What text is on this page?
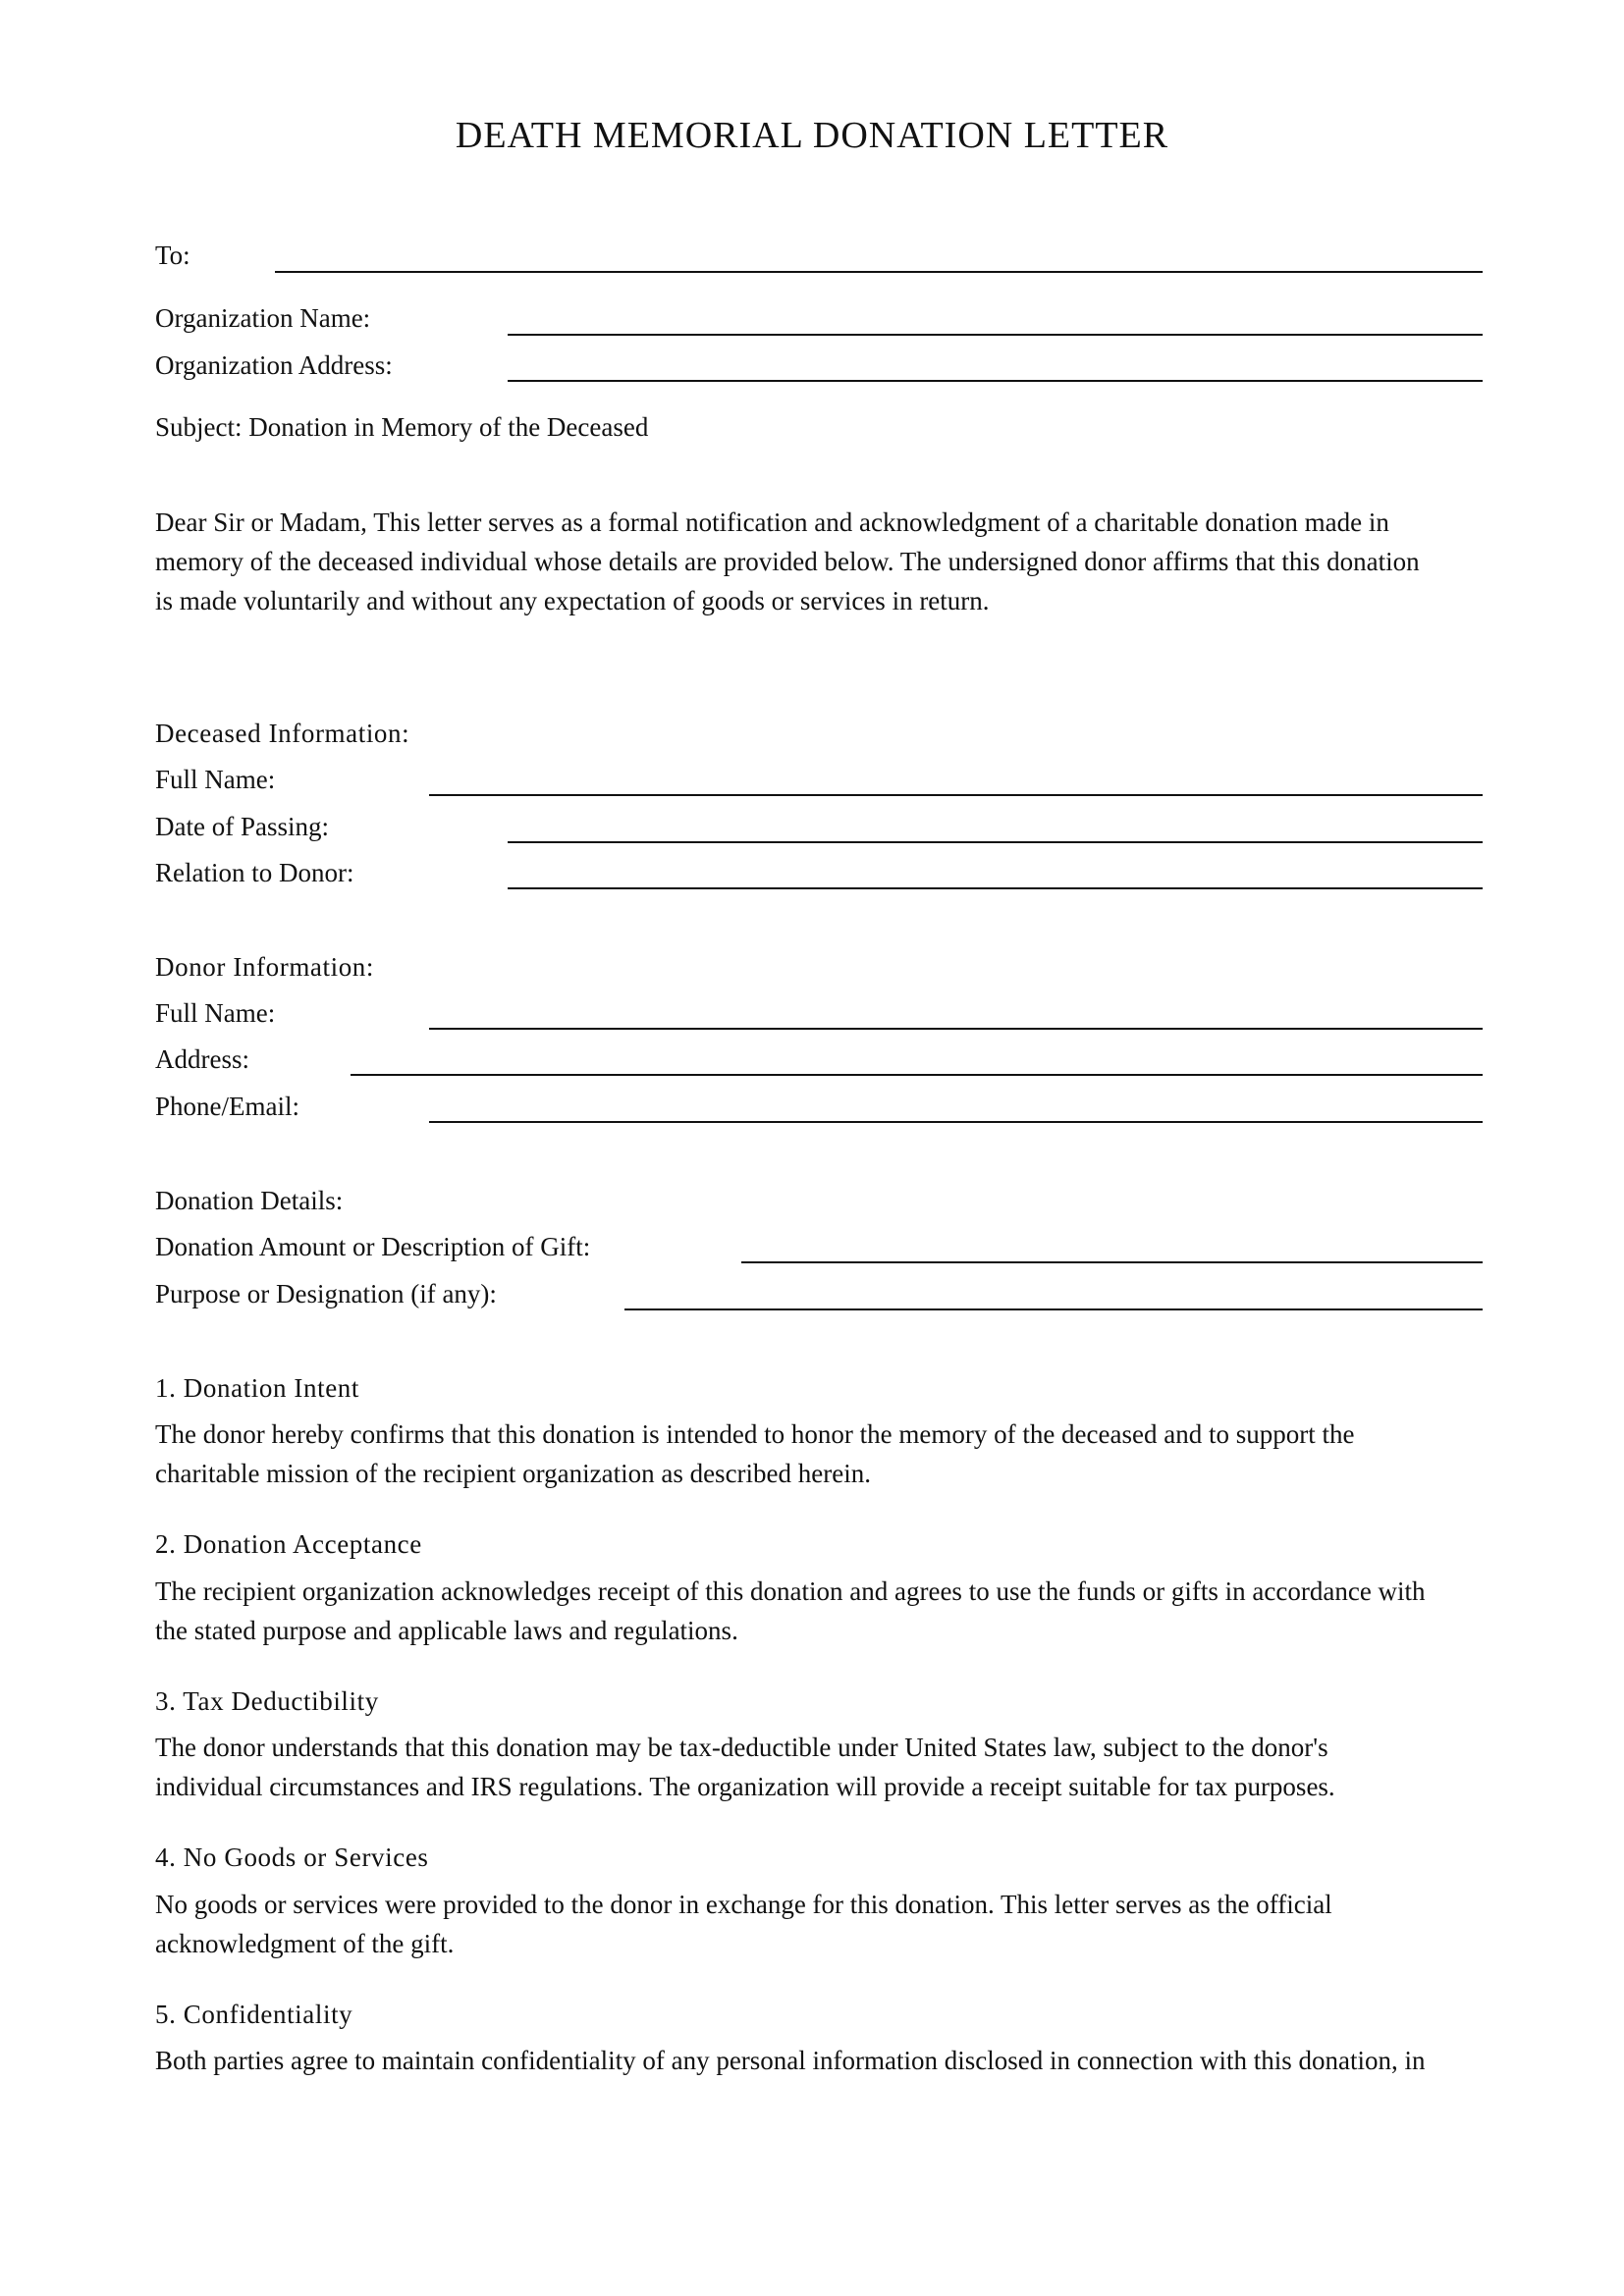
DEATH MEMORIAL DONATION LETTER
To:
Organization Name:
Organization Address:
Subject: Donation in Memory of the Deceased
Dear Sir or Madam, This letter serves as a formal notification and acknowledgment of a charitable donation made in
memory of the deceased individual whose details are provided below. The undersigned donor affirms that this donation
is made voluntarily and without any expectation of goods or services in return.
Deceased Information:
Full Name:
Date of Passing:
Relation to Donor:
Donor Information:
Full Name:
Address:
Phone/Email:
Donation Details:
Donation Amount or Description of Gift:
Purpose or Designation (if any):
1. Donation Intent
The donor hereby confirms that this donation is intended to honor the memory of the deceased and to support the
charitable mission of the recipient organization as described herein.
2. Donation Acceptance
The recipient organization acknowledges receipt of this donation and agrees to use the funds or gifts in accordance with
the stated purpose and applicable laws and regulations.
3. Tax Deductibility
The donor understands that this donation may be tax-deductible under United States law, subject to the donor's
individual circumstances and IRS regulations. The organization will provide a receipt suitable for tax purposes.
4. No Goods or Services
No goods or services were provided to the donor in exchange for this donation. This letter serves as the official
acknowledgment of the gift.
5. Confidentiality
Both parties agree to maintain confidentiality of any personal information disclosed in connection with this donation, in
